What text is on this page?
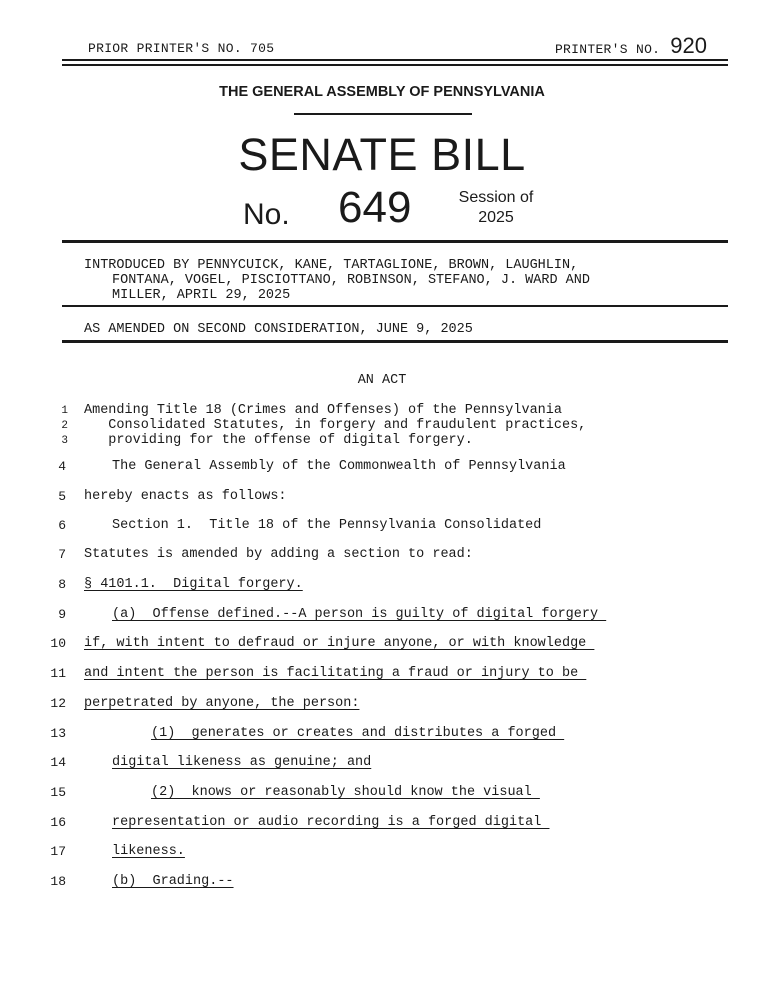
PRIOR PRINTER'S NO. 705	PRINTER'S NO. 920
THE GENERAL ASSEMBLY OF PENNSYLVANIA
SENATE BILL
No. 649	Session of
2025
INTRODUCED BY PENNYCUICK, KANE, TARTAGLIONE, BROWN, LAUGHLIN,
FONTANA, VOGEL, PISCIOTTANO, ROBINSON, STEFANO, J. WARD AND
MILLER, APRIL 29, 2025
AS AMENDED ON SECOND CONSIDERATION, JUNE 9, 2025
AN ACT
1
2
3
Amending Title 18 (Crimes and Offenses) of the Pennsylvania
Consolidated Statutes, in forgery and fraudulent practices,
providing for the offense of digital forgery.
4	The General Assembly of the Commonwealth of Pennsylvania
5 hereby enacts as follows:
6	Section 1.  Title 18 of the Pennsylvania Consolidated
7 Statutes is amended by adding a section to read:
8 § 4101.1.  Digital forgery.
9	(a)  Offense defined.--A person is guilty of digital forgery
10 if, with intent to defraud or injure anyone, or with knowledge
11 and intent the person is facilitating a fraud or injury to be
12 perpetrated by anyone, the person:
13	(1)  generates or creates and distributes a forged
14	digital likeness as genuine; and
15	(2)  knows or reasonably should know the visual
16	representation or audio recording is a forged digital
17	likeness.
18	(b)  Grading.--
